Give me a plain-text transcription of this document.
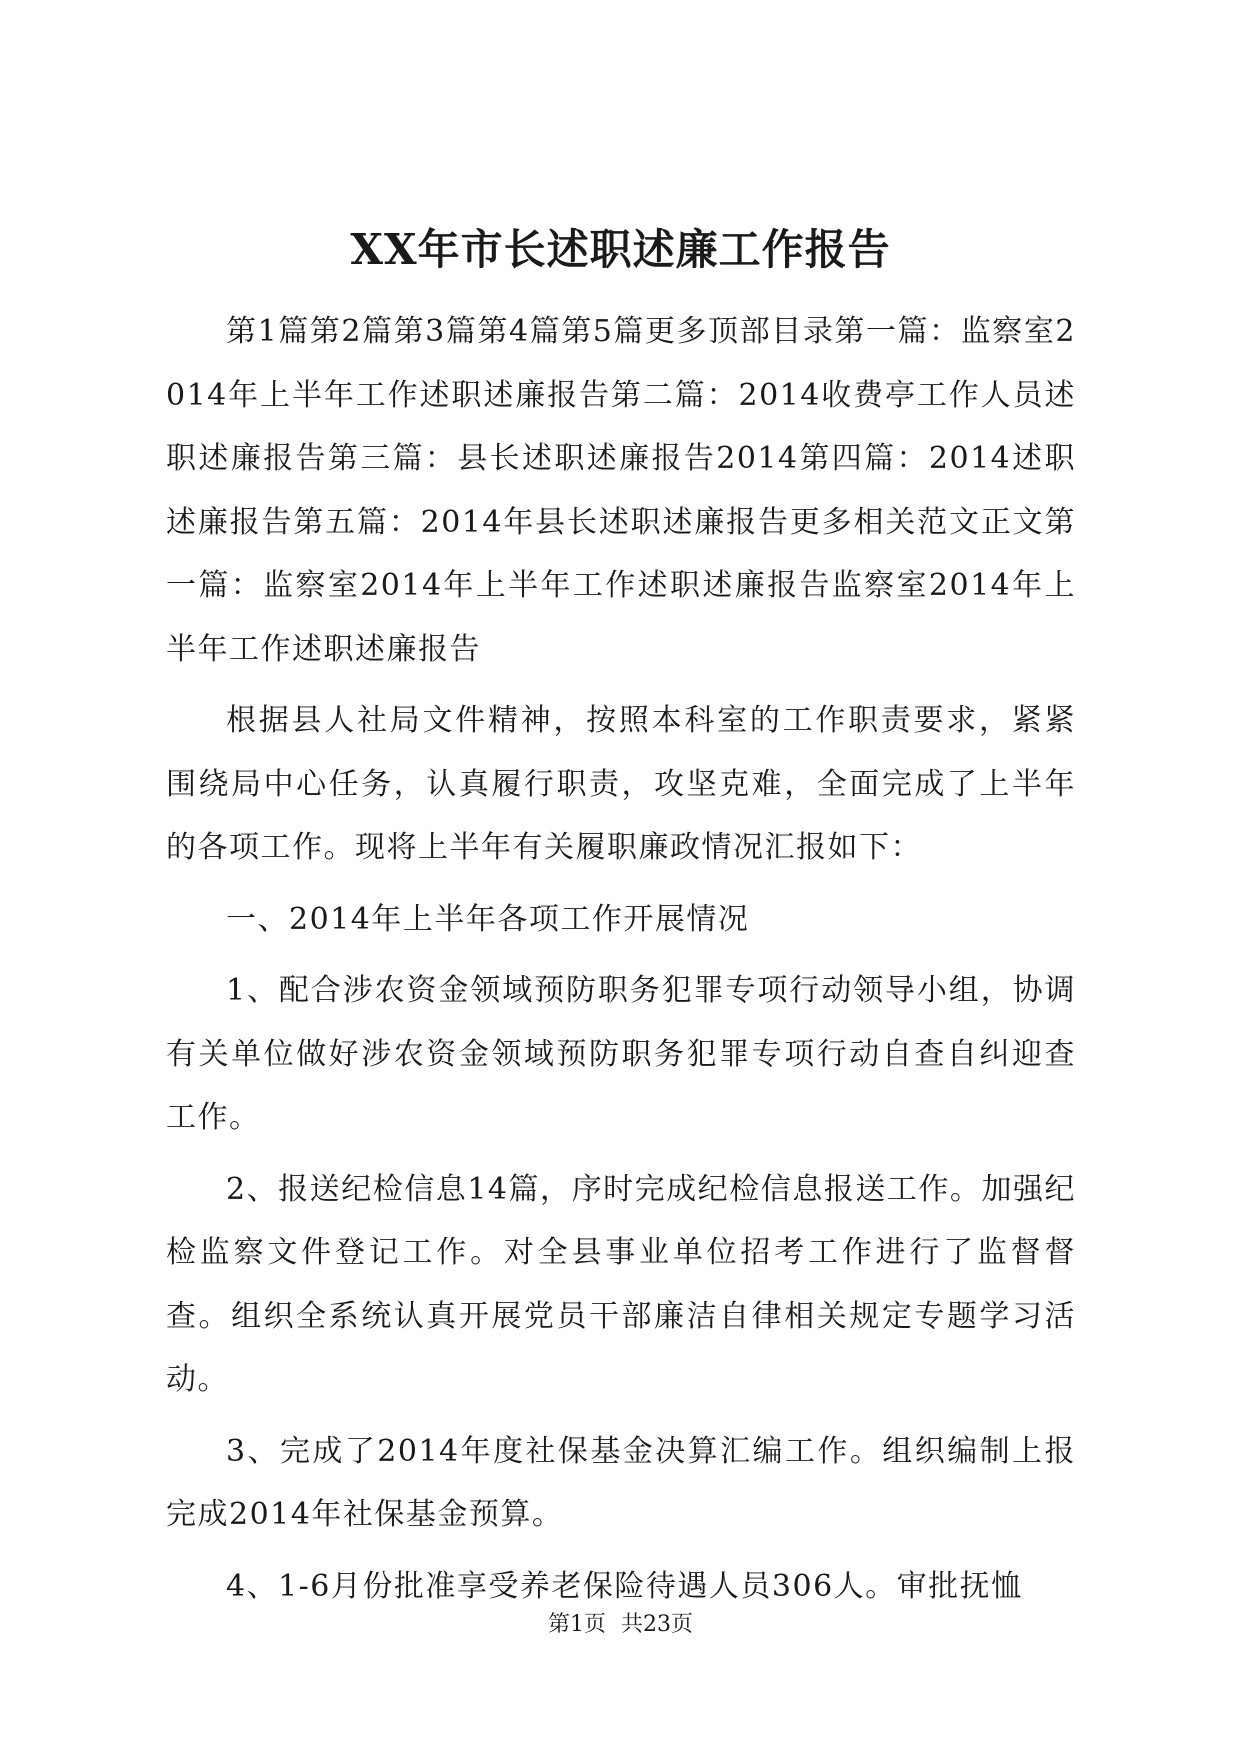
XX年市长述职述廉工作报告

第1篇第2篇第3篇第4篇第5篇更多顶部目录第一篇：监察室2014年上半年工作述职述廉报告第二篇：2014收费亭工作人员述职述廉报告第三篇：县长述职述廉报告2014第四篇：2014述职述廉报告第五篇：2014年县长述职述廉报告更多相关范文正文第一篇：监察室2014年上半年工作述职述廉报告监察室2014年上半年工作述职述廉报告

根据县人社局文件精神，按照本科室的工作职责要求，紧紧围绕局中心任务，认真履行职责，攻坚克难，全面完成了上半年的各项工作。现将上半年有关履职廉政情况汇报如下：

一、2014年上半年各项工作开展情况

1、配合涉农资金领域预防职务犯罪专项行动领导小组，协调有关单位做好涉农资金领域预防职务犯罪专项行动自查自纠迎查工作。

2、报送纪检信息14篇，序时完成纪检信息报送工作。加强纪检监察文件登记工作。对全县事业单位招考工作进行了监督督查。组织全系统认真开展党员干部廉洁自律相关规定专题学习活动。

3、完成了2014年度社保基金决算汇编工作。组织编制上报完成2014年社保基金预算。

4、1-6月份批准享受养老保险待遇人员306人。审批抚恤

第1页 共23页
